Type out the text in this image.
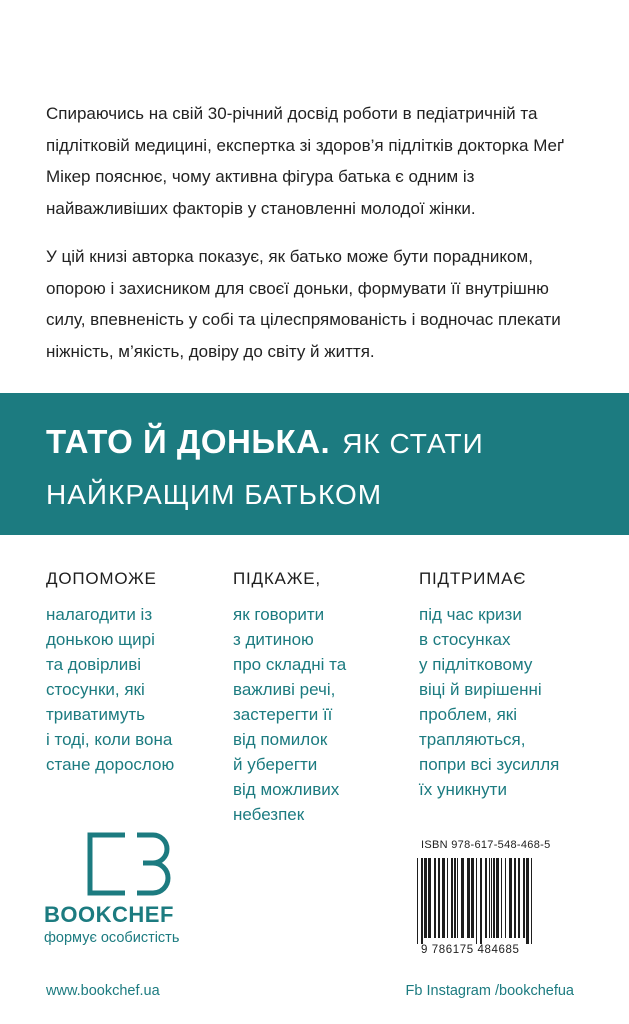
Спираючись на свій 30-річний досвід роботи в педіатричній та підлітковій медицині, експертка зі здоров’я підлітків докторка Меґ Мікер пояснює, чому активна фігура батька є одним із найважливіших факторів у становленні молодої жінки.

У цій книзі авторка показує, як батько може бути порадником, опорою і захисником для своєї доньки, формувати її внутрішню силу, впевненість у собі та цілеспрямованість і водночас плекати ніжність, м’якість, довіру до світу й життя.

ТАТО Й ДОНЬКА. ЯК СТАТИ
НАЙКРАЩИМ БАТЬКОМ
ДОПОМОЖЕ
налагодити із
донькою щирі
та довірливі
стосунки, які
триватимуть
і тоді, коли вона
стане дорослою
ПІДКАЖЕ,
як говорити
з дитиною
про складні та
важливі речі,
застерегти її
від помилок
й уберегти
від можливих
небезпек
ПІДТРИМАЄ
під час кризи
в стосунках
у підлітковому
віці й вирішенні
проблем, які
трапляються,
попри всі зусилля
їх уникнути
BOOKCHEF
формує особистість
ISBN 978-617-548-468-5
9 786175 484685
www.bookchef.ua	Fb Instagram /bookchefua
